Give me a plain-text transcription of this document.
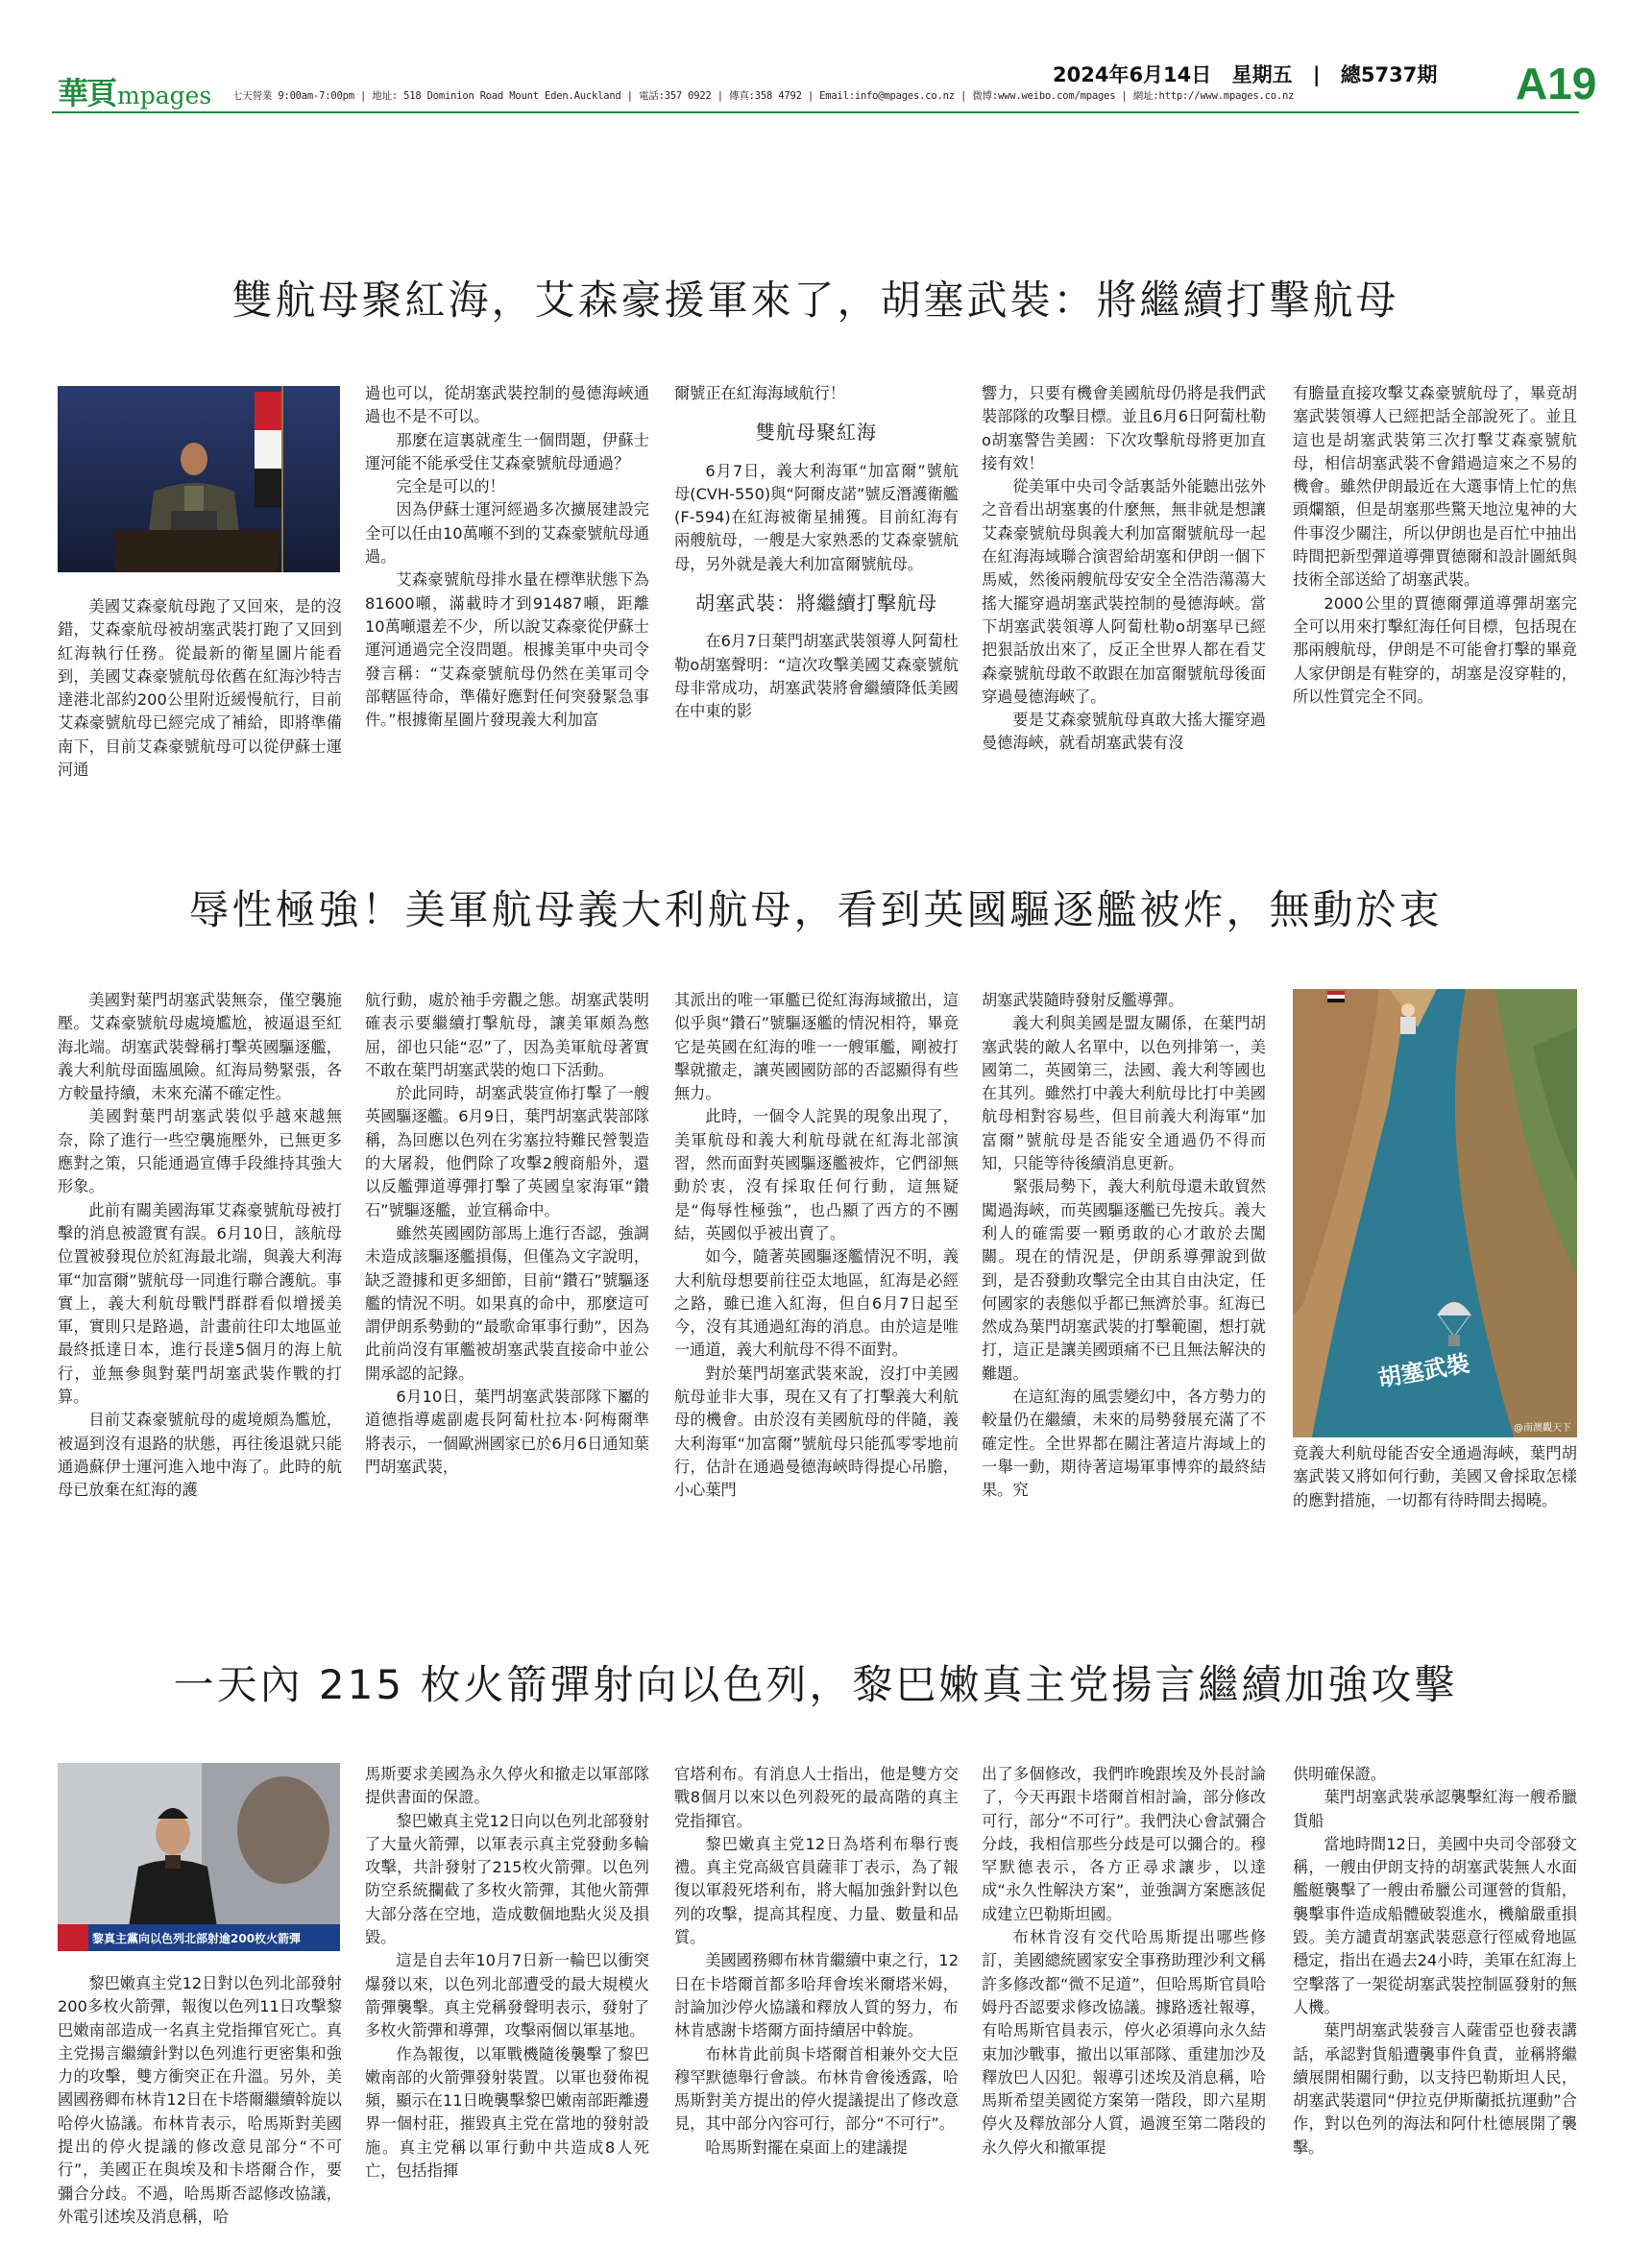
華頁 mpages 七天營業 9:00am-7:00pm | 地址: 518 Dominion Road Mount Eden.Auckland | 電話:357 0922 | 傳真:358 4792 | Email:info@mpages.co.nz | 微博:www.weibo.com/mpages | 網址:http://www.mpages.co.nz
2024年6月14日 星期五 | 總5737期	A19
雙航母聚紅海，艾森豪援軍來了，胡塞武裝：將繼續打擊航母

美國艾森豪航母跑了又回來，是的沒錯，艾森豪航母被胡塞武裝打跑了又回到紅海執行任務。從最新的衛星圖片能看到，美國艾森豪號航母依舊在紅海沙特吉達港北部約200公里附近緩慢航行，目前艾森豪號航母已經完成了補給，即將準備南下，目前艾森豪號航母可以從伊蘇士運河通

過也可以，從胡塞武裝控制的曼德海峽通過也不是不可以。

那麼在這裏就產生一個問題，伊蘇士運河能不能承受住艾森豪號航母通過？

完全是可以的！

因為伊蘇士運河經過多次擴展建設完全可以任由10萬噸不到的艾森豪號航母通過。

艾森豪號航母排水量在標準狀態下為81600噸，滿載時才到91487噸，距離10萬噸還差不少，所以說艾森豪從伊蘇士運河通過完全沒問題。根據美軍中央司令發言稱：“艾森豪號航母仍然在美軍司令部轄區待命，準備好應對任何突發緊急事件。”根據衛星圖片發現義大利加富

爾號正在紅海海域航行！

雙航母聚紅海

6月7日，義大利海軍“加富爾”號航母(CVH-550)與“阿爾皮諾”號反潛護衛艦(F-594)在紅海被衛星捕獲。目前紅海有兩艘航母，一艘是大家熟悉的艾森豪號航母，另外就是義大利加富爾號航母。

胡塞武裝：將繼續打擊航母

在6月7日葉門胡塞武裝領導人阿蔔杜勒o胡塞聲明：“這次攻擊美國艾森豪號航母非常成功，胡塞武裝將會繼續降低美國在中東的影

響力，只要有機會美國航母仍將是我們武裝部隊的攻擊目標。並且6月6日阿蔔杜勒o胡塞警告美國：下次攻擊航母將更加直接有效！

從美軍中央司令話裏話外能聽出弦外之音看出胡塞裏的什麼無，無非就是想讓艾森豪號航母與義大利加富爾號航母一起在紅海海域聯合演習給胡塞和伊朗一個下馬威，然後兩艘航母安安全全浩浩蕩蕩大搖大擺穿過胡塞武裝控制的曼德海峽。當下胡塞武裝領導人阿蔔杜勒o胡塞早已經把狠話放出來了，反正全世界人都在看艾森豪號航母敢不敢跟在加富爾號航母後面穿過曼德海峽了。

要是艾森豪號航母真敢大搖大擺穿過曼德海峽，就看胡塞武裝有沒

有膽量直接攻擊艾森豪號航母了，畢竟胡塞武裝領導人已經把話全部說死了。並且這也是胡塞武裝第三次打擊艾森豪號航母，相信胡塞武裝不會錯過這來之不易的機會。雖然伊朗最近在大選事情上忙的焦頭爛額，但是胡塞那些驚天地泣鬼神的大件事沒少關注，所以伊朗也是百忙中抽出時間把新型彈道導彈賈德爾和設計圖紙與技術全部送給了胡塞武裝。

2000公里的賈德爾彈道導彈胡塞完全可以用來打擊紅海任何目標，包括現在那兩艘航母，伊朗是不可能會打擊的畢竟人家伊朗是有鞋穿的，胡塞是沒穿鞋的，所以性質完全不同。

辱性極強！美軍航母義大利航母，看到英國驅逐艦被炸，無動於衷

美國對葉門胡塞武裝無奈，僅空襲施壓。艾森豪號航母處境尷尬，被逼退至紅海北端。胡塞武裝聲稱打擊英國驅逐艦，義大利航母面臨風險。紅海局勢緊張，各方較量持續，未來充滿不確定性。

美國對葉門胡塞武裝似乎越來越無奈，除了進行一些空襲施壓外，已無更多應對之策，只能通過宣傳手段維持其強大形象。

此前有關美國海軍艾森豪號航母被打擊的消息被證實有誤。6月10日，該航母位置被發現位於紅海最北端，與義大利海軍“加富爾”號航母一同進行聯合護航。事實上，義大利航母戰鬥群群看似增援美軍，實則只是路過，計畫前往印太地區並最終抵達日本，進行長達5個月的海上航行，並無參與對葉門胡塞武裝作戰的打算。

目前艾森豪號航母的處境頗為尷尬，被逼到沒有退路的狀態，再往後退就只能通過蘇伊士運河進入地中海了。此時的航母已放棄在紅海的護

航行動，處於袖手旁觀之態。胡塞武裝明確表示要繼續打擊航母，讓美軍頗為憋屈，卻也只能“忍”了，因為美軍航母著實不敢在葉門胡塞武裝的炮口下活動。

於此同時，胡塞武裝宣佈打擊了一艘英國驅逐艦。6月9日，葉門胡塞武裝部隊稱，為回應以色列在劣塞拉特難民營製造的大屠殺，他們除了攻擊2艘商船外，還以反艦彈道導彈打擊了英國皇家海軍“鑽石”號驅逐艦，並宣稱命中。

雖然英國國防部馬上進行否認，強調未造成該驅逐艦損傷，但僅為文字說明，缺乏證據和更多細節，目前“鑽石”號驅逐艦的情況不明。如果真的命中，那麼這可謂伊朗系勢動的“最歌命軍事行動”，因為此前尚沒有軍艦被胡塞武裝直接命中並公開承認的記錄。

6月10日，葉門胡塞武裝部隊下屬的道德指導處副處長阿蔔杜拉本·阿梅爾準將表示，一個歐洲國家已於6月6日通知葉門胡塞武裝，

其派出的唯一軍艦已從紅海海域撤出，這似乎與“鑽石”號驅逐艦的情況相符，畢竟它是英國在紅海的唯一一艘軍艦，剛被打擊就撤走，讓英國國防部的否認顯得有些無力。

此時，一個令人詫異的現象出現了，美軍航母和義大利航母就在紅海北部演習，然而面對英國驅逐艦被炸，它們卻無動於衷，沒有採取任何行動，這無疑是“侮辱性極強”，也凸顯了西方的不團結，英國似乎被出賣了。

如今，隨著英國驅逐艦情況不明，義大利航母想要前往亞太地區，紅海是必經之路，雖已進入紅海，但自6月7日起至今，沒有其通過紅海的消息。由於這是唯一通道，義大利航母不得不面對。

對於葉門胡塞武裝來說，沒打中美國航母並非大事，現在又有了打擊義大利航母的機會。由於沒有美國航母的伴隨，義大利海軍“加富爾”號航母只能孤零零地前行，估計在通過曼德海峽時得提心吊膽，小心葉門

胡塞武裝隨時發射反艦導彈。

義大利與美國是盟友關係，在葉門胡塞武裝的敵人名單中，以色列排第一，美國第二，英國第三，法國、義大利等國也在其列。雖然打中義大利航母比打中美國航母相對容易些，但目前義大利海軍“加富爾”號航母是否能安全通過仍不得而知，只能等待後續消息更新。

緊張局勢下，義大利航母還未敢貿然闖過海峽，而英國驅逐艦已先按兵。義大利人的確需要一顆勇敢的心才敢於去闖關。現在的情況是，伊朗系導彈說到做到，是否發動攻擊完全由其自由決定，任何國家的表態似乎都已無濟於事。紅海已然成為葉門胡塞武裝的打擊範圍，想打就打，這正是讓美國頭痛不已且無法解決的難題。

在這紅海的風雲變幻中，各方勢力的較量仍在繼續，未來的局勢發展充滿了不確定性。全世界都在關注著這片海域上的一舉一動，期待著這場軍事博弈的最終結果。究

胡塞武裝
@南澳觀天下
竟義大利航母能否安全通過海峽，葉門胡塞武裝又將如何行動，美國又會採取怎樣的應對措施，一切都有待時間去揭曉。
一天內 215 枚火箭彈射向以色列，黎巴嫩真主党揚言繼續加強攻擊
黎真主黨向以色列北部射逾200枚火箭彈

黎巴嫩真主党12日對以色列北部發射200多枚火箭彈，報復以色列11日攻擊黎巴嫩南部造成一名真主党指揮官死亡。真主党揚言繼續針對以色列進行更密集和強力的攻擊，雙方衝突正在升溫。另外，美國國務卿布林肯12日在卡塔爾繼續斡旋以哈停火協議。布林肯表示，哈馬斯對美國提出的停火提議的修改意見部分“不可行”，美國正在與埃及和卡塔爾合作，要彌合分歧。不過，哈馬斯否認修改協議，外電引述埃及消息稱，哈

馬斯要求美國為永久停火和撤走以軍部隊提供書面的保證。

黎巴嫩真主党12日向以色列北部發射了大量火箭彈，以軍表示真主党發動多輪攻擊，共計發射了215枚火箭彈。以色列防空系統攔截了多枚火箭彈，其他火箭彈大部分落在空地，造成數個地點火災及損毀。

這是自去年10月7日新一輪巴以衝突爆發以來，以色列北部遭受的最大規模火箭彈襲擊。真主党稱發聲明表示，發射了多枚火箭彈和導彈，攻擊兩個以軍基地。

作為報復，以軍戰機隨後襲擊了黎巴嫩南部的火箭彈發射裝置。以軍也發佈視頻，顯示在11日晚襲擊黎巴嫩南部距離邊界一個村莊，摧毀真主党在當地的發射設施。真主党稱以軍行動中共造成8人死亡，包括指揮

官塔利布。有消息人士指出，他是雙方交戰8個月以來以色列殺死的最高階的真主党指揮官。

黎巴嫩真主党12日為塔利布舉行喪禮。真主党高級官員薩菲丁表示，為了報復以軍殺死塔利布，將大幅加強針對以色列的攻擊，提高其程度、力量、數量和品質。

美國國務卿布林肯繼續中東之行，12日在卡塔爾首都多哈拜會埃米爾塔米姆，討論加沙停火協議和釋放人質的努力，布林肯感謝卡塔爾方面持續居中斡旋。

布林肯此前與卡塔爾首相兼外交大臣穆罕默德舉行會談。布林肯會後透露，哈馬斯對美方提出的停火提議提出了修改意見，其中部分內容可行，部分“不可行”。

哈馬斯對擺在桌面上的建議提

出了多個修改，我們昨晚跟埃及外長討論了，今天再跟卡塔爾首相討論，部分修改可行，部分“不可行”。我們決心會試彌合分歧，我相信那些分歧是可以彌合的。穆罕默德表示，各方正尋求讓步，以達成“永久性解決方案”，並強調方案應該促成建立巴勒斯坦國。

布林肯沒有交代哈馬斯提出哪些修訂，美國總統國家安全事務助理沙利文稱許多修改都“微不足道”，但哈馬斯官員哈姆丹否認要求修改協議。據路透社報導，有哈馬斯官員表示，停火必須導向永久結束加沙戰事，撤出以軍部隊、重建加沙及釋放巴人囚犯。報導引述埃及消息稱，哈馬斯希望美國從方案第一階段，即六星期停火及釋放部分人質，過渡至第二階段的永久停火和撤軍提

供明確保證。

葉門胡塞武裝承認襲擊紅海一艘希臘貨船

當地時間12日，美國中央司令部發文稱，一艘由伊朗支持的胡塞武裝無人水面艦艇襲擊了一艘由希臘公司運營的貨船，襲擊事件造成船體破裂進水，機艙嚴重損毀。美方譴責胡塞武裝惡意行徑威脅地區穩定，指出在過去24小時，美軍在紅海上空擊落了一架從胡塞武裝控制區發射的無人機。

葉門胡塞武裝發言人薩雷亞也發表講話，承認對貨船遭襲事件負責，並稱將繼續展開相關行動，以支持巴勒斯坦人民，胡塞武裝還同“伊拉克伊斯蘭抵抗運動”合作，對以色列的海法和阿什杜德展開了襲擊。
